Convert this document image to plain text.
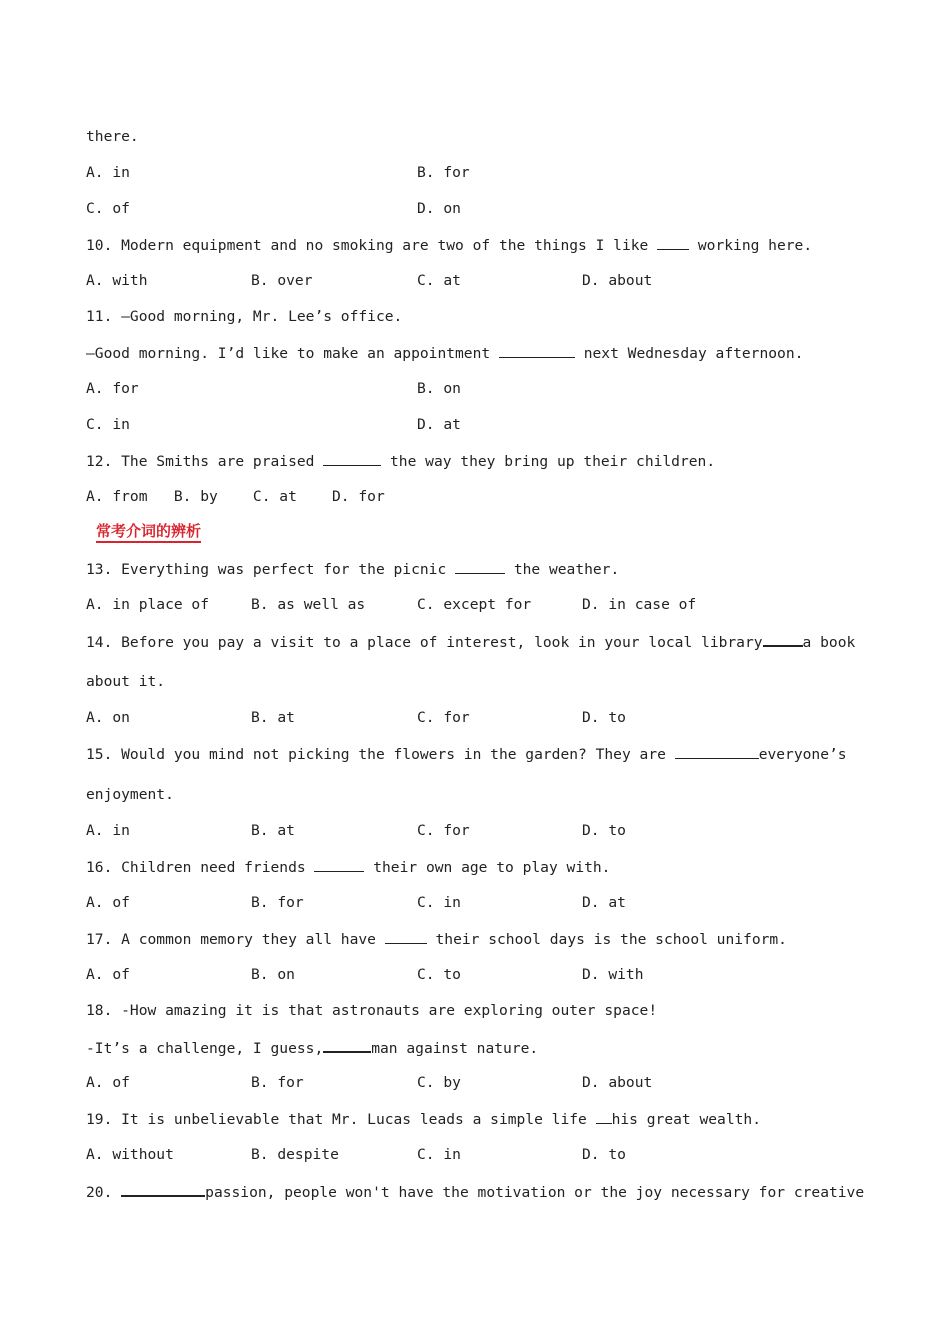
there.
A. in	B. for
C. of	D. on
10. Modern equipment and no smoking are two of the things I like  working here.
A. with	B. over	C. at	D. about
11. —Good morning, Mr. Lee’s office.
—Good morning. I’d like to make an appointment	next Wednesday afternoon.
A. for	B. on
C. in	D. at
12. The Smiths are praised	the way they bring up their children.
A. from   B. by    C. at    D. for
常考介词的辨析
13. Everything was perfect for the picnic	the weather.
A. in place of	B. as well as	C. except for	D. in case of
14. Before you pay a visit to a place of interest, look in your local library	a book
about it.
A. on	B. at	C. for	D. to
15. Would you mind not picking the flowers in the garden? They are	everyone’s
enjoyment.
A. in	B. at	C. for	D. to
16. Children need friends	their own age to play with.
A. of	B. for	C. in	D. at
17. A common memory they all have	their school days is the school uniform.
A. of	B. on	C. to	D. with
18. -How amazing it is that astronauts are exploring outer space!
-It’s a challenge, I guess,	man against nature.
A. of	B. for	C. by	D. about
19. It is unbelievable that Mr. Lucas leads a simple life his great wealth.
A. without	B. despite	C. in	D. to
20.	passion, people won't have the motivation or the joy necessary for creative
